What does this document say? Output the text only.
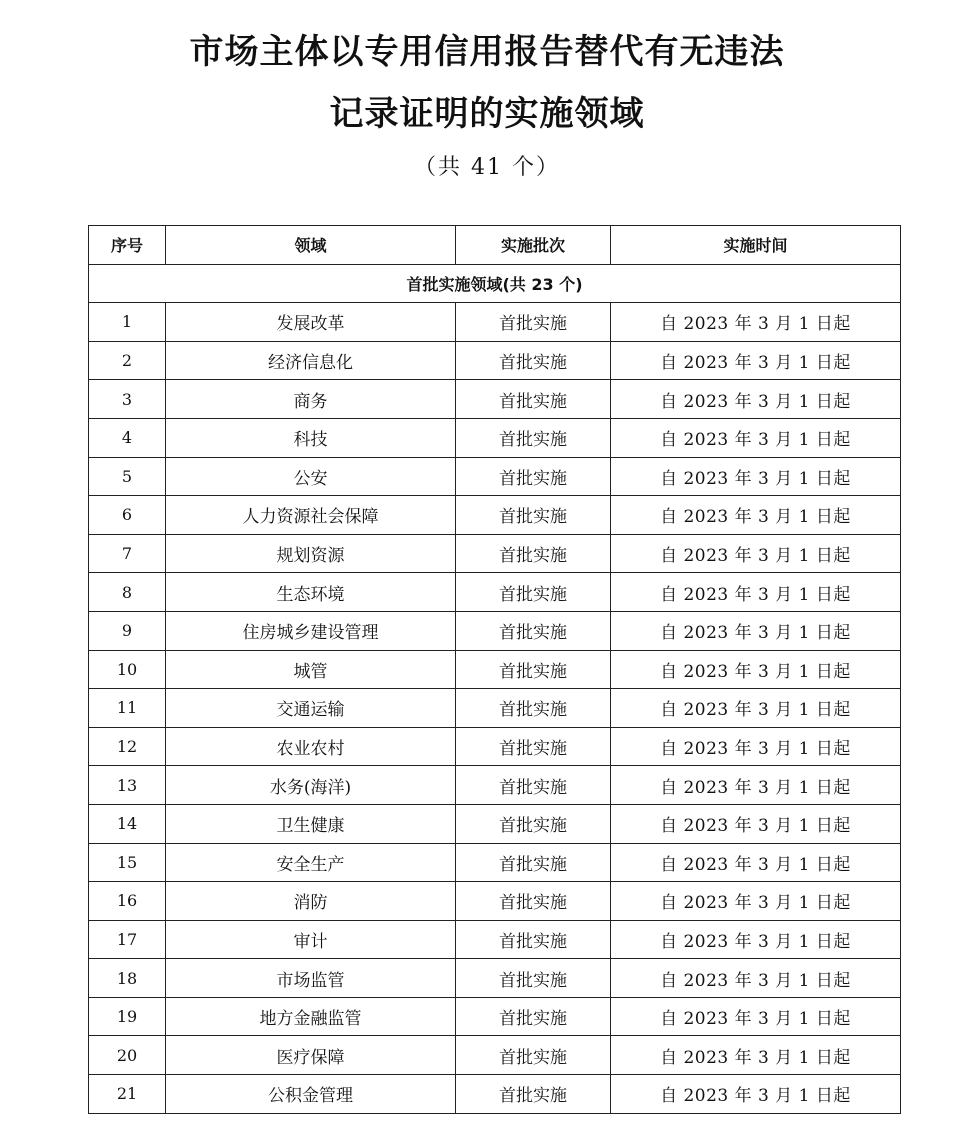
市场主体以专用信用报告替代有无违法
记录证明的实施领域
（共 41 个）
序号	领域	实施批次	实施时间
首批实施领域(共 23 个)			
1	发展改革	首批实施	自 2023 年 3 月 1 日起
2	经济信息化	首批实施	自 2023 年 3 月 1 日起
3	商务	首批实施	自 2023 年 3 月 1 日起
4	科技	首批实施	自 2023 年 3 月 1 日起
5	公安	首批实施	自 2023 年 3 月 1 日起
6	人力资源社会保障	首批实施	自 2023 年 3 月 1 日起
7	规划资源	首批实施	自 2023 年 3 月 1 日起
8	生态环境	首批实施	自 2023 年 3 月 1 日起
9	住房城乡建设管理	首批实施	自 2023 年 3 月 1 日起
10	城管	首批实施	自 2023 年 3 月 1 日起
11	交通运输	首批实施	自 2023 年 3 月 1 日起
12	农业农村	首批实施	自 2023 年 3 月 1 日起
13	水务(海洋)	首批实施	自 2023 年 3 月 1 日起
14	卫生健康	首批实施	自 2023 年 3 月 1 日起
15	安全生产	首批实施	自 2023 年 3 月 1 日起
16	消防	首批实施	自 2023 年 3 月 1 日起
17	审计	首批实施	自 2023 年 3 月 1 日起
18	市场监管	首批实施	自 2023 年 3 月 1 日起
19	地方金融监管	首批实施	自 2023 年 3 月 1 日起
20	医疗保障	首批实施	自 2023 年 3 月 1 日起
21	公积金管理	首批实施	自 2023 年 3 月 1 日起
